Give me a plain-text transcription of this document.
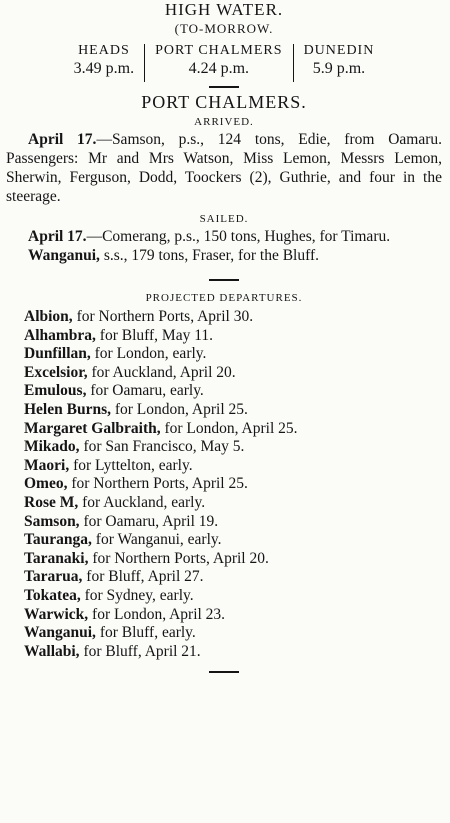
HIGH WATER.
(TO-MORROW.
HEADS
3.49 p.m.
PORT CHALMERS
4.24 p.m.
DUNEDIN
5.9 p.m.
PORT CHALMERS.
ARRIVED.

April 17.—Samson, p.s., 124 tons, Edie, from Oamaru. Passengers: Mr and Mrs Watson, Miss Lemon, Messrs Lemon, Sherwin, Ferguson, Dodd, Toockers (2), Guthrie, and four in the steerage.

SAILED.

April 17.—Comerang, p.s., 150 tons, Hughes, for Timaru.

Wanganui, s.s., 179 tons, Fraser, for the Bluff.

PROJECTED DEPARTURES.
Albion, for Northern Ports, April 30.
Alhambra, for Bluff, May 11.
Dunfillan, for London, early.
Excelsior, for Auckland, April 20.
Emulous, for Oamaru, early.
Helen Burns, for London, April 25.
Margaret Galbraith, for London, April 25.
Mikado, for San Francisco, May 5.
Maori, for Lyttelton, early.
Omeo, for Northern Ports, April 25.
Rose M, for Auckland, early.
Samson, for Oamaru, April 19.
Tauranga, for Wanganui, early.
Taranaki, for Northern Ports, April 20.
Tararua, for Bluff, April 27.
Tokatea, for Sydney, early.
Warwick, for London, April 23.
Wanganui, for Bluff, early.
Wallabi, for Bluff, April 21.
